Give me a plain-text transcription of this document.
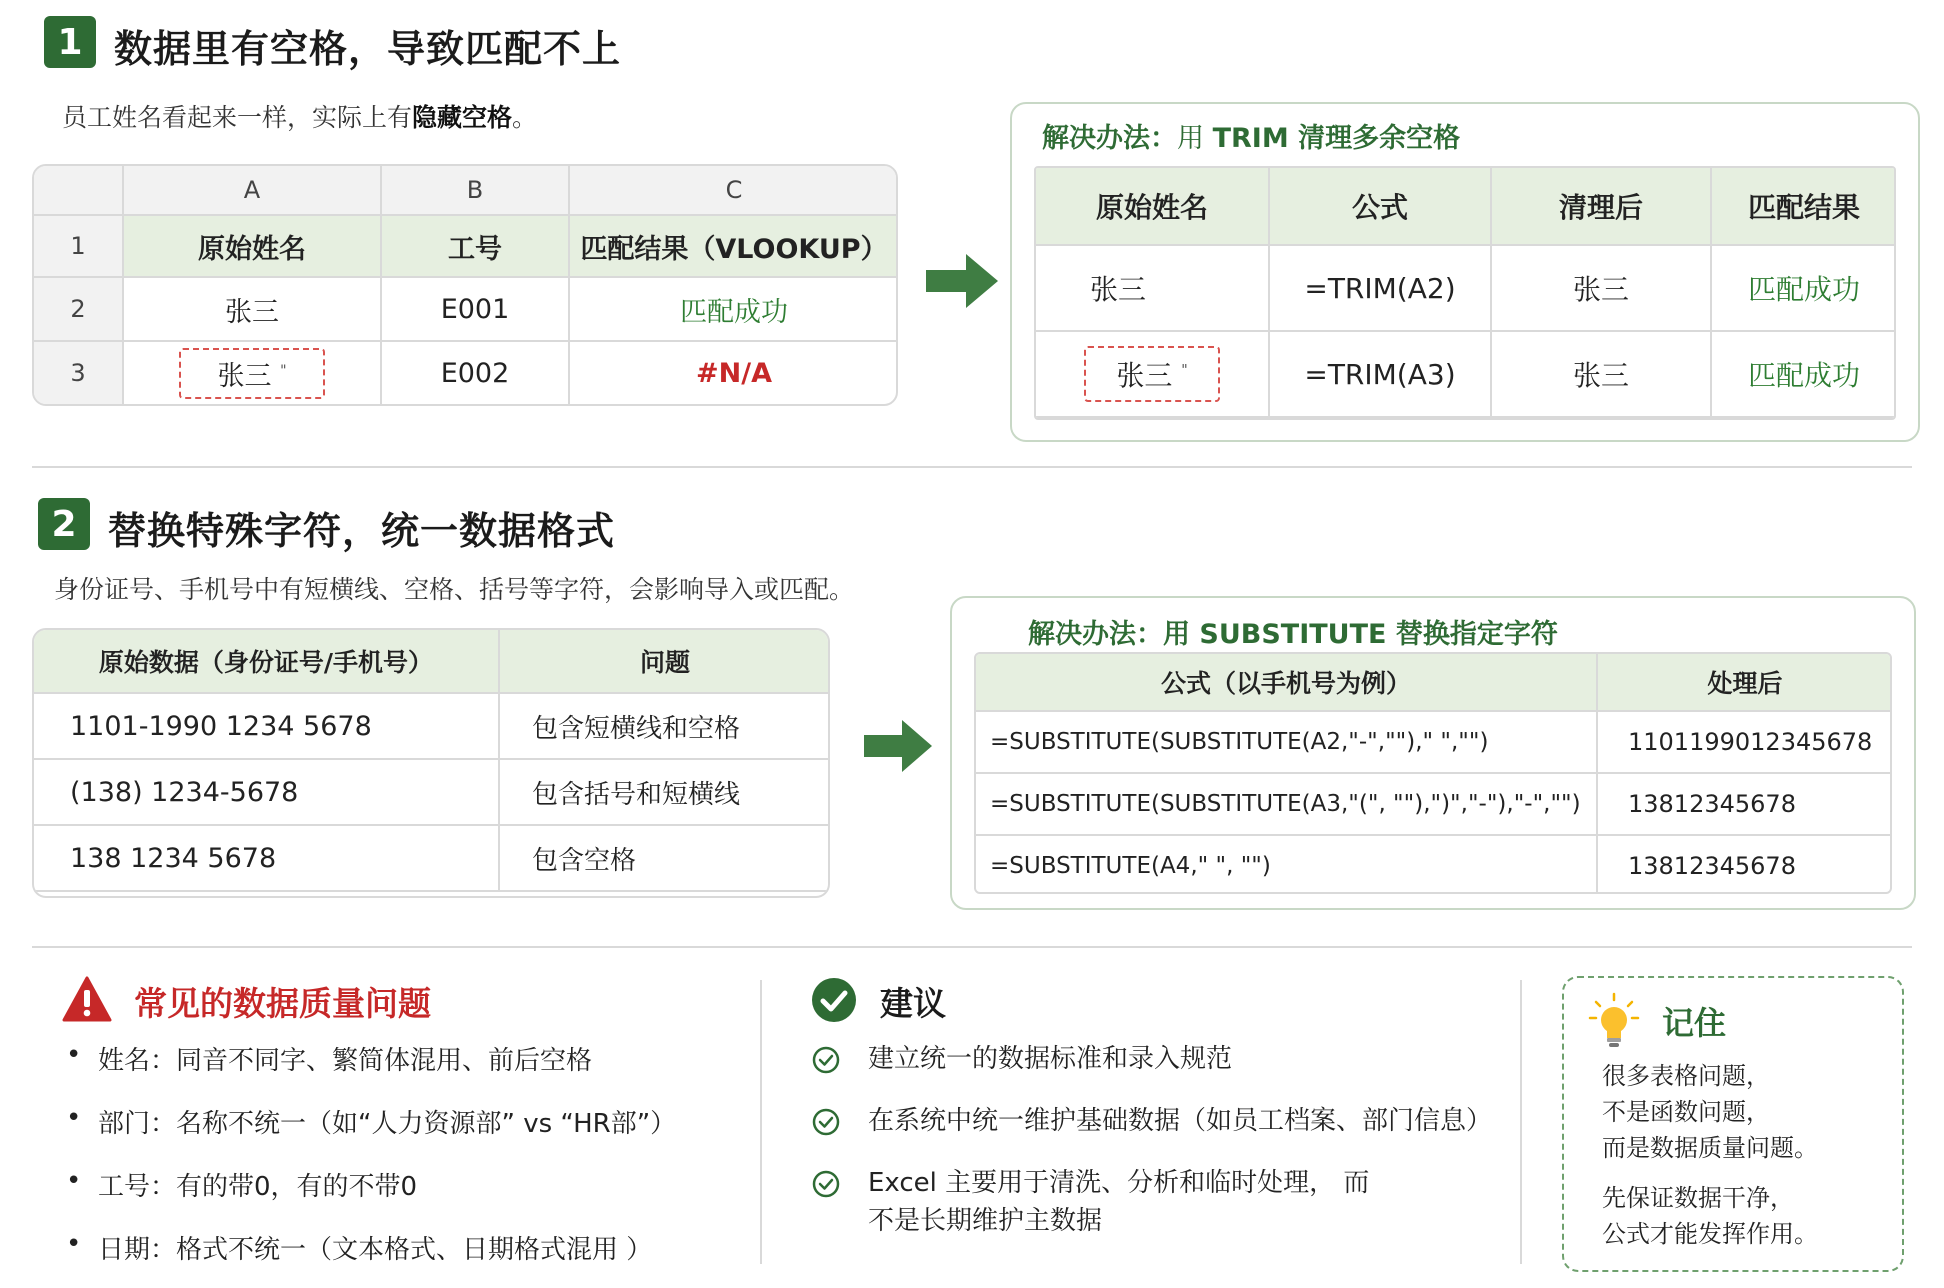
1 数据里有空格，导致匹配不上
员工姓名看起来一样，实际上有隐藏空格。
	A	B	C
1	原始姓名	工号	匹配结果（VLOOKUP）
2	张三	E001	匹配成功
3	张三 "	E002	#N/A
解决办法：用 TRIM 清理多余空格
原始姓名	公式	清理后	匹配结果
张三	=TRIM(A2)	张三	匹配成功
张三 "	=TRIM(A3)	张三	匹配成功
2 替换特殊字符，统一数据格式
身份证号、手机号中有短横线、空格、括号等字符，会影响导入或匹配。
原始数据（身份证号/手机号）	问题
1101-1990 1234 5678	包含短横线和空格
(138) 1234-5678	包含括号和短横线
138 1234 5678	包含空格
解决办法：用 SUBSTITUTE 替换指定字符
公式（以手机号为例）	处理后
=SUBSTITUTE(SUBSTITUTE(A2,"-","")," ","")	1101199012345678
=SUBSTITUTE(SUBSTITUTE(A3,"(", ""),")","-"),"-","")	13812345678
=SUBSTITUTE(A4," ", "")	13812345678
常见的数据质量问题
• 姓名：同音不同字、繁简体混用、前后空格
• 部门：名称不统一（如“人力资源部” vs “HR部”）
• 工号：有的带0，有的不带0
• 日期：格式不统一（文本格式、日期格式混用 ）
建议
建立统一的数据标准和录入规范
在系统中统一维护基础数据（如员工档案、部门信息）
Excel 主要用于清洗、分析和临时处理， 而
不是长期维护主数据
记住

很多表格问题，

不是函数问题，

而是数据质量问题。

先保证数据干净，

公式才能发挥作用。
